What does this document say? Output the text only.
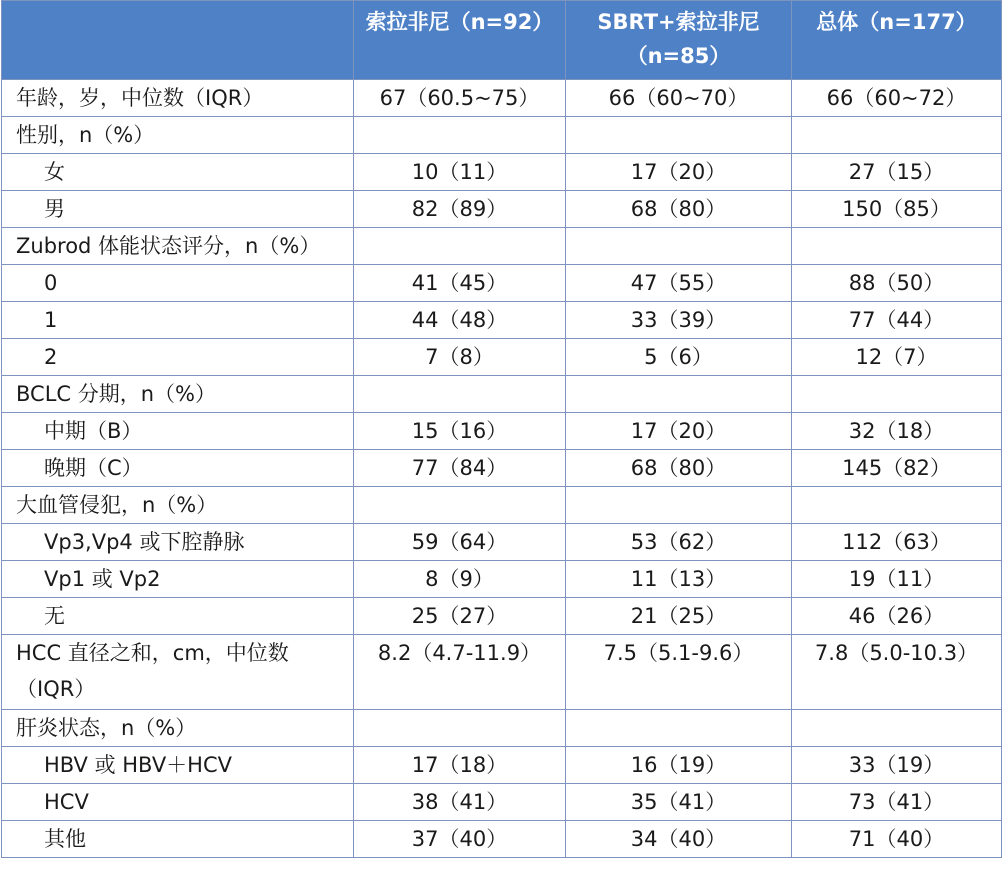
	索拉非尼（n=92）	SBRT+索拉非尼（n=85）	总体（n=177）
年龄，岁，中位数（IQR）	67（60.5~75）	66（60~70）	66（60~72）
性别，n（%）			
女	10（11）	17（20）	27（15）
男	82（89）	68（80）	150（85）
Zubrod 体能状态评分，n（%）			
0	41（45）	47（55）	88（50）
1	44（48）	33（39）	77（44）
2	7（8）	5（6）	12（7）
BCLC 分期，n（%）			
中期（B）	15（16）	17（20）	32（18）
晚期（C）	77（84）	68（80）	145（82）
大血管侵犯，n（%）			
Vp3,Vp4 或下腔静脉	59（64）	53（62）	112（63）
Vp1 或 Vp2	8（9）	11（13）	19（11）
无	25（27）	21（25）	46（26）
HCC 直径之和，cm，中位数（IQR）	8.2（4.7-11.9）	7.5（5.1-9.6）	7.8（5.0-10.3）
肝炎状态，n（%）			
HBV 或 HBV＋HCV	17（18）	16（19）	33（19）
HCV	38（41）	35（41）	73（41）
其他	37（40）	34（40）	71（40）
